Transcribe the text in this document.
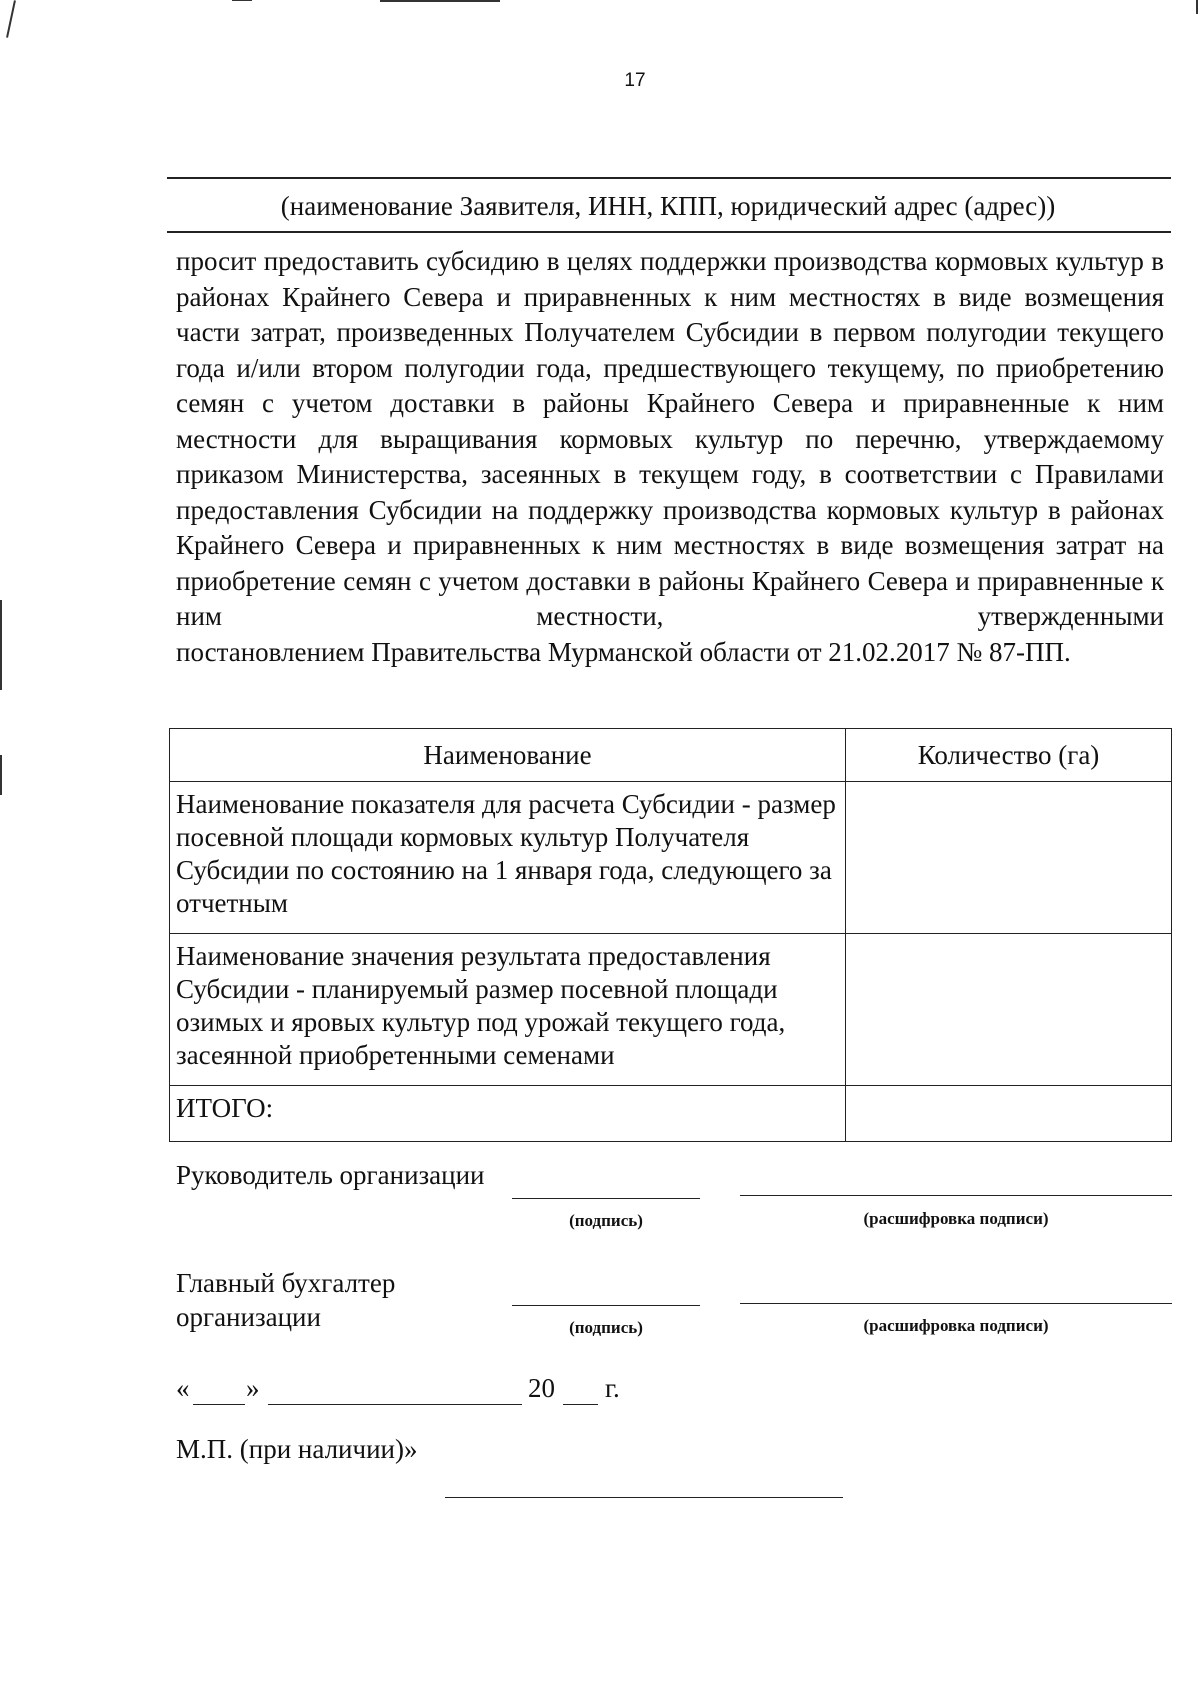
17
(наименование Заявителя, ИНН, КПП, юридический адрес (адрес))

просит предоставить субсидию в целях поддержки производства кормовых культур в районах Крайнего Севера и приравненных к ним местностях в виде возмещения части затрат, произведенных Получателем Субсидии в первом полугодии текущего года и/или втором полугодии года, предшествующего текущему, по приобретению семян с учетом доставки в районы Крайнего Севера и приравненные к ним местности для выращивания кормовых культур по перечню, утверждаемому приказом Министерства, засеянных в текущем году, в соответствии с Правилами предоставления Субсидии на поддержку производства кормовых культур в районах Крайнего Севера и приравненных к ним местностях в виде возмещения затрат на приобретение семян с учетом доставки в районы Крайнего Севера и приравненные к ним местности, утвержденными

постановлением Правительства Мурманской области от 21.02.2017 № 87-ПП.

Наименование	Количество (га)
Наименование показателя для расчета Субсидии - размер посевной площади кормовых культур Получателя Субсидии по состоянию на 1 января года, следующего за отчетным	
Наименование значения результата предоставления Субсидии - планируемый размер посевной площади озимых и яровых культур под урожай текущего года, засеянной приобретенными семенами	
ИТОГО:	
Руководитель организации
(подпись)	(расшифровка подписи)
Главный бухгалтер
организации	(подпись)	(расшифровка подписи)
« »	20 г.
М.П. (при наличии)»
